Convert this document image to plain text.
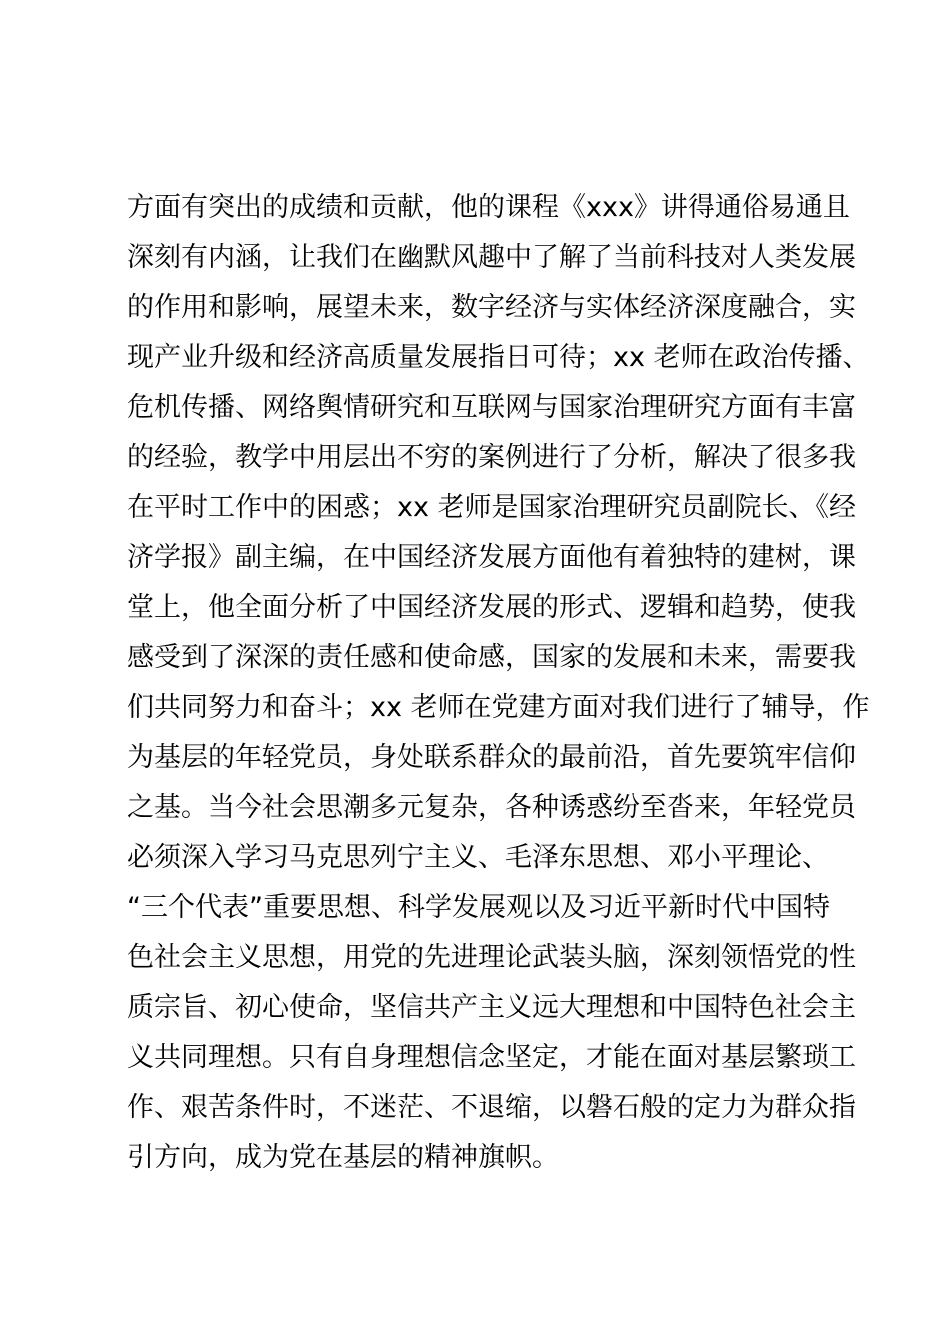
方面有突出的成绩和贡献，他的课程《xxx》讲得通俗易通且
深刻有内涵，让我们在幽默风趣中了解了当前科技对人类发展
的作用和影响，展望未来，数字经济与实体经济深度融合，实
现产业升级和经济高质量发展指日可待；xx 老师在政治传播、
危机传播、网络舆情研究和互联网与国家治理研究方面有丰富
的经验，教学中用层出不穷的案例进行了分析，解决了很多我
在平时工作中的困惑；xx 老师是国家治理研究员副院长、《经
济学报》副主编，在中国经济发展方面他有着独特的建树，课
堂上，他全面分析了中国经济发展的形式、逻辑和趋势，使我
感受到了深深的责任感和使命感，国家的发展和未来，需要我
们共同努力和奋斗；xx 老师在党建方面对我们进行了辅导，作
为基层的年轻党员，身处联系群众的最前沿，首先要筑牢信仰
之基。当今社会思潮多元复杂，各种诱惑纷至沓来，年轻党员
必须深入学习马克思列宁主义、毛泽东思想、邓小平理论、
“三个代表”重要思想、科学发展观以及习近平新时代中国特
色社会主义思想，用党的先进理论武装头脑，深刻领悟党的性
质宗旨、初心使命，坚信共产主义远大理想和中国特色社会主
义共同理想。只有自身理想信念坚定，才能在面对基层繁琐工
作、艰苦条件时，不迷茫、不退缩，以磐石般的定力为群众指
引方向，成为党在基层的精神旗帜。
